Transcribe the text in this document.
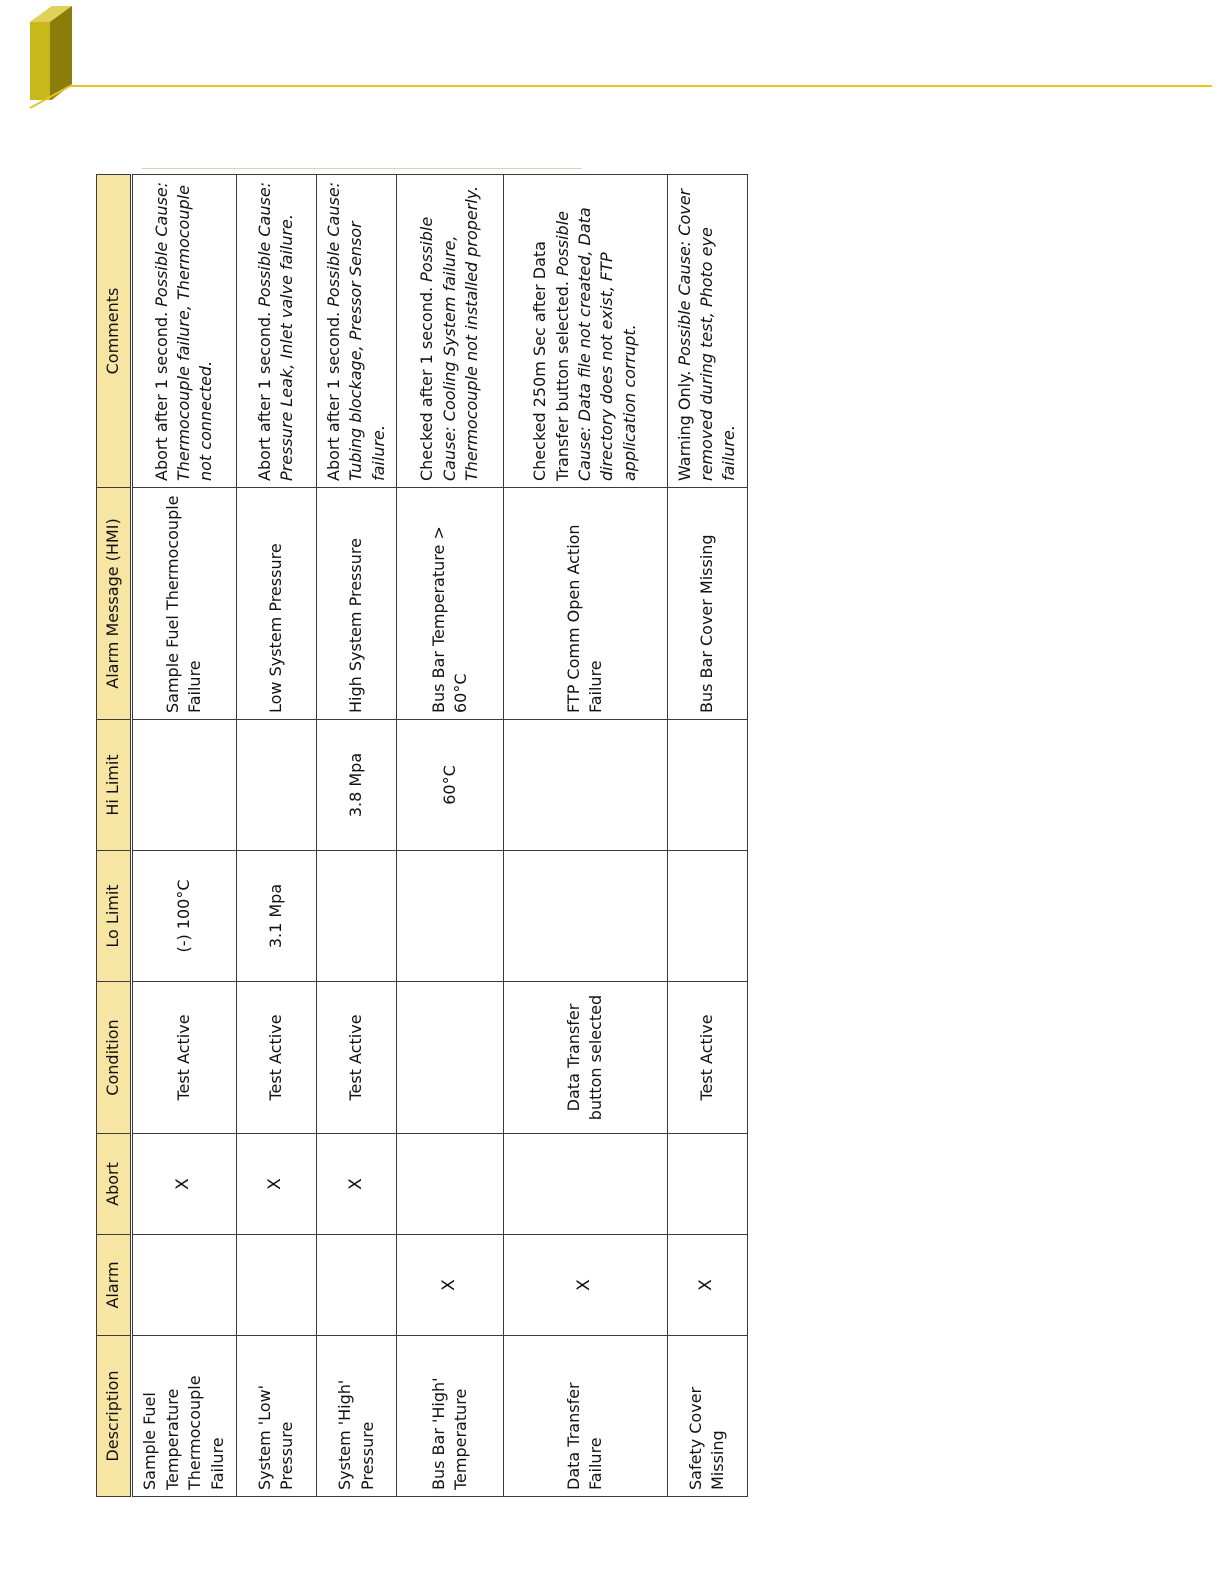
Description	Alarm	Abort	Condition	Lo Limit	Hi Limit	Alarm Message (HMI)	Comments
Sample Fuel Temperature Thermocouple Failure		X	Test Active	(-) 100°C		Sample Fuel Thermocouple Failure	Abort after 1 second. Possible Cause: Thermocouple failure, Thermocouple not connected.
System 'Low' Pressure		X	Test Active	3.1 Mpa		Low System Pressure	Abort after 1 second. Possible Cause: Pressure Leak, Inlet valve failure.
System 'High' Pressure		X	Test Active		3.8 Mpa	High System Pressure	Abort after 1 second. Possible Cause: Tubing blockage, Pressor Sensor failure.
Bus Bar 'High' Temperature	X				60°C	Bus Bar Temperature > 60°C	Checked after 1 second. Possible Cause: Cooling System failure, Thermocouple not installed properly.
Data Transfer Failure	X		Data Transfer button selected			FTP Comm Open Action Failure	Checked 250m Sec after Data Transfer button selected. Possible Cause: Data file not created, Data directory does not exist, FTP application corrupt.
Safety Cover Missing	X		Test Active			Bus Bar Cover Missing	Warning Only. Possible Cause: Cover removed during test, Photo eye failure.
